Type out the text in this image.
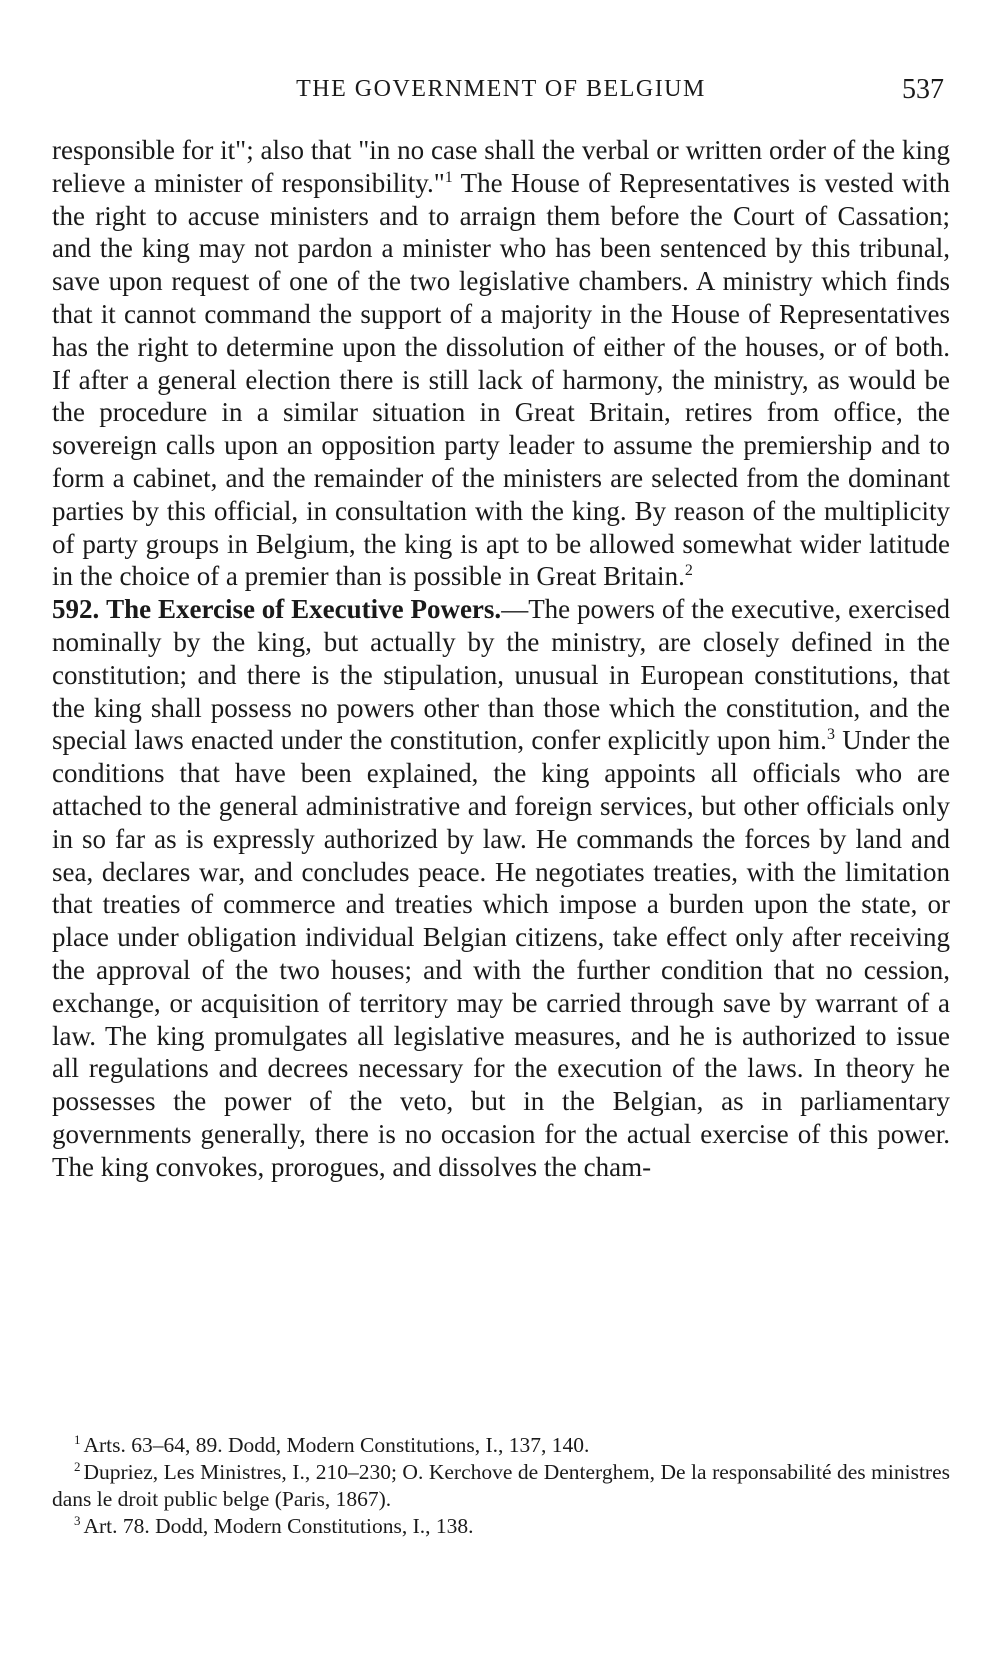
THE GOVERNMENT OF BELGIUM	537

responsible for it"; also that "in no case shall the verbal or written order of the king relieve a minister of responsibility."$^1$ The House of Representatives is vested with the right to accuse ministers and to arraign them before the Court of Cassation; and the king may not pardon a minister who has been sentenced by this tribunal, save upon request of one of the two legislative chambers. A ministry which finds that it cannot command the support of a majority in the House of Representatives has the right to determine upon the dissolution of either of the houses, or of both. If after a general election there is still lack of harmony, the ministry, as would be the procedure in a similar situation in Great Britain, retires from office, the sovereign calls upon an opposition party leader to assume the premiership and to form a cabinet, and the remainder of the ministers are selected from the dominant parties by this official, in consultation with the king. By reason of the multiplicity of party groups in Belgium, the king is apt to be allowed somewhat wider latitude in the choice of a premier than is possible in Great Britain.$^2$

592. The Exercise of Executive Powers.—The powers of the executive, exercised nominally by the king, but actually by the ministry, are closely defined in the constitution; and there is the stipulation, unusual in European constitutions, that the king shall possess no powers other than those which the constitution, and the special laws enacted under the constitution, confer explicitly upon him.$^3$ Under the conditions that have been explained, the king appoints all officials who are attached to the general administrative and foreign services, but other officials only in so far as is expressly authorized by law. He commands the forces by land and sea, declares war, and concludes peace. He negotiates treaties, with the limitation that treaties of commerce and treaties which impose a burden upon the state, or place under obligation individual Belgian citizens, take effect only after receiving the approval of the two houses; and with the further condition that no cession, exchange, or acquisition of territory may be carried through save by warrant of a law. The king promulgates all legislative measures, and he is authorized to issue all regulations and decrees necessary for the execution of the laws. In theory he possesses the power of the veto, but in the Belgian, as in parliamentary governments generally, there is no occasion for the actual exercise of this power. The king convokes, prorogues, and dissolves the cham-

$^1$ Arts. 63–64, 89. Dodd, Modern Constitutions, I., 137, 140.

$^2$ Dupriez, Les Ministres, I., 210–230; O. Kerchove de Denterghem, De la responsabilité des ministres dans le droit public belge (Paris, 1867).

$^3$ Art. 78. Dodd, Modern Constitutions, I., 138.
